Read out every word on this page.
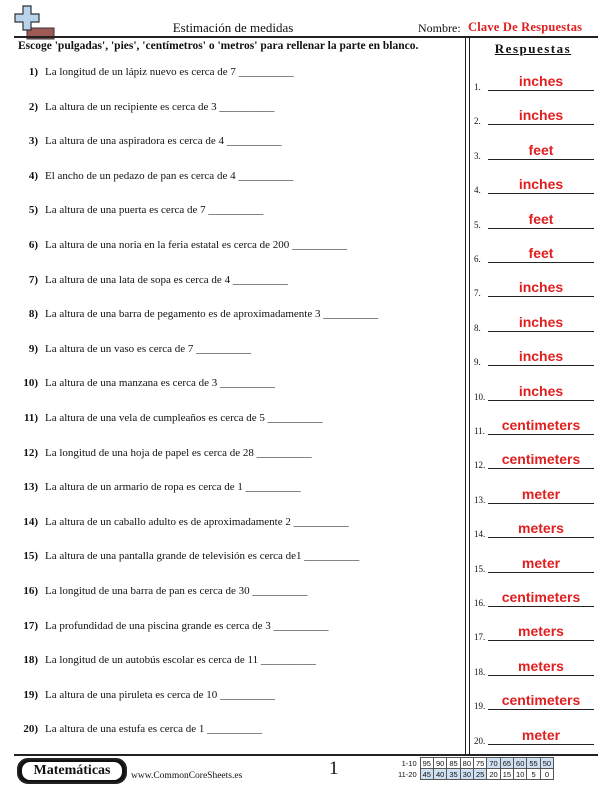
Estimación de medidas	Nombre: Clave De Respuestas
Escoge 'pulgadas', 'pies', 'centímetros' o 'metros' para rellenar la parte en blanco.	Respuestas
1) La longitud de un lápiz nuevo es cerca de 7 __________
2) La altura de un recipiente es cerca de 3 __________
3) La altura de una aspiradora es cerca de 4 __________
4) El ancho de un pedazo de pan es cerca de 4 __________
5) La altura de una puerta es cerca de 7 __________
6) La altura de una noria en la feria estatal es cerca de 200 __________
7) La altura de una lata de sopa es cerca de 4 __________
8) La altura de una barra de pegamento es de aproximadamente 3 __________
9) La altura de un vaso es cerca de 7 __________
10) La altura de una manzana es cerca de 3 __________
11) La altura de una vela de cumpleaños es cerca de 5 __________
12) La longitud de una hoja de papel es cerca de 28 __________
13) La altura de un armario de ropa es cerca de 1 __________
14) La altura de un caballo adulto es de aproximadamente 2 __________
15) La altura de una pantalla grande de televisión es cerca de1 __________
16) La longitud de una barra de pan es cerca de 30 __________
17) La profundidad de una piscina grande es cerca de 3 __________
18) La longitud de un autobús escolar es cerca de 11 __________
19) La altura de una piruleta es cerca de 10 __________
20) La altura de una estufa es cerca de 1 __________
1.	inches
2.	inches
3.	feet
4.	inches
5.	feet
6.	feet
7.	inches
8.	inches
9.	inches
10.	inches
11.	centimeters
12.	centimeters
13.	meter
14.	meters
15.	meter
16.	centimeters
17.	meters
18.	meters
19.	centimeters
20.	meter
Matemáticas	www.CommonCoreSheets.es	1	1-10	95	90	85	80	75	70	65	60	55	50
11-20	45	40	35	30	25	20	15	10	5	0
